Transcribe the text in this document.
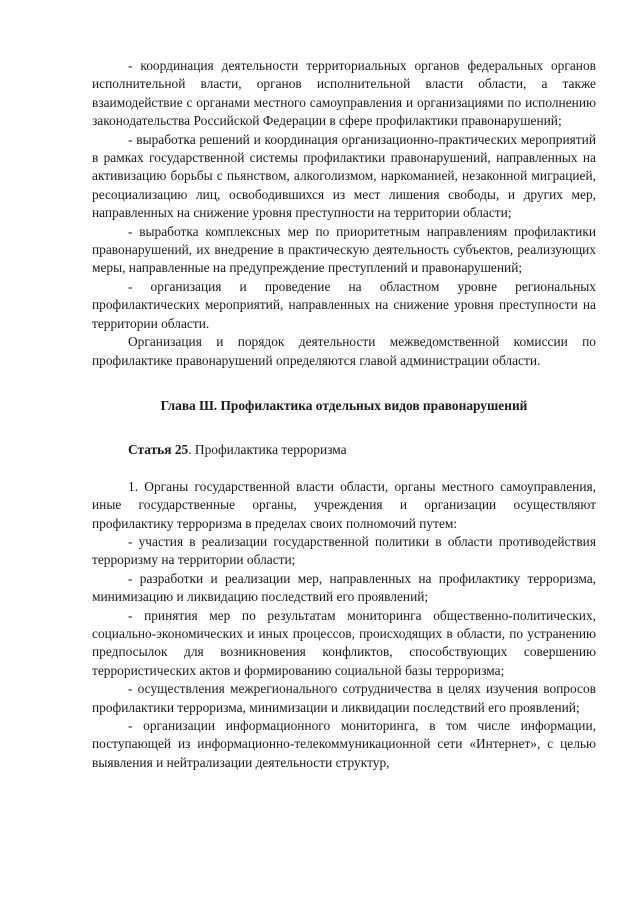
- координация деятельности территориальных органов федеральных органов исполнительной власти, органов исполнительной власти области, а также взаимодействие с органами местного самоуправления и организациями по исполнению законодательства Российской Федерации в сфере профилактики правонарушений;

- выработка решений и координация организационно-практических мероприятий в рамках государственной системы профилактики правонарушений, направленных на активизацию борьбы с пьянством, алкоголизмом, наркоманией, незаконной миграцией, ресоциализацию лиц, освободившихся из мест лишения свободы, и других мер, направленных на снижение уровня преступности на территории области;

- выработка комплексных мер по приоритетным направлениям профилактики правонарушений, их внедрение в практическую деятельность субъектов, реализующих меры, направленные на предупреждение преступлений и правонарушений;

- организация и проведение на областном уровне региональных профилактических мероприятий, направленных на снижение уровня преступности на территории области.

Организация и порядок деятельности межведомственной комиссии по профилактике правонарушений определяются главой администрации области.

Глава Ш. Профилактика отдельных видов правонарушений

Статья 25. Профилактика терроризма

1. Органы государственной власти области, органы местного самоуправления, иные государственные органы, учреждения и организации осуществляют профилактику терроризма в пределах своих полномочий путем:

- участия в реализации государственной политики в области противодействия терроризму на территории области;

- разработки и реализации мер, направленных на профилактику терроризма, минимизацию и ликвидацию последствий его проявлений;

- принятия мер по результатам мониторинга общественно-политических, социально-экономических и иных процессов, происходящих в области, по устранению предпосылок для возникновения конфликтов, способствующих совершению террористических актов и формированию социальной базы терроризма;

- осуществления межрегионального сотрудничества в целях изучения вопросов профилактики терроризма, минимизации и ликвидации последствий его проявлений;

- организации информационного мониторинга, в том числе информации, поступающей из информационно-телекоммуникационной сети «Интернет», с целью выявления и нейтрализации деятельности структур,
